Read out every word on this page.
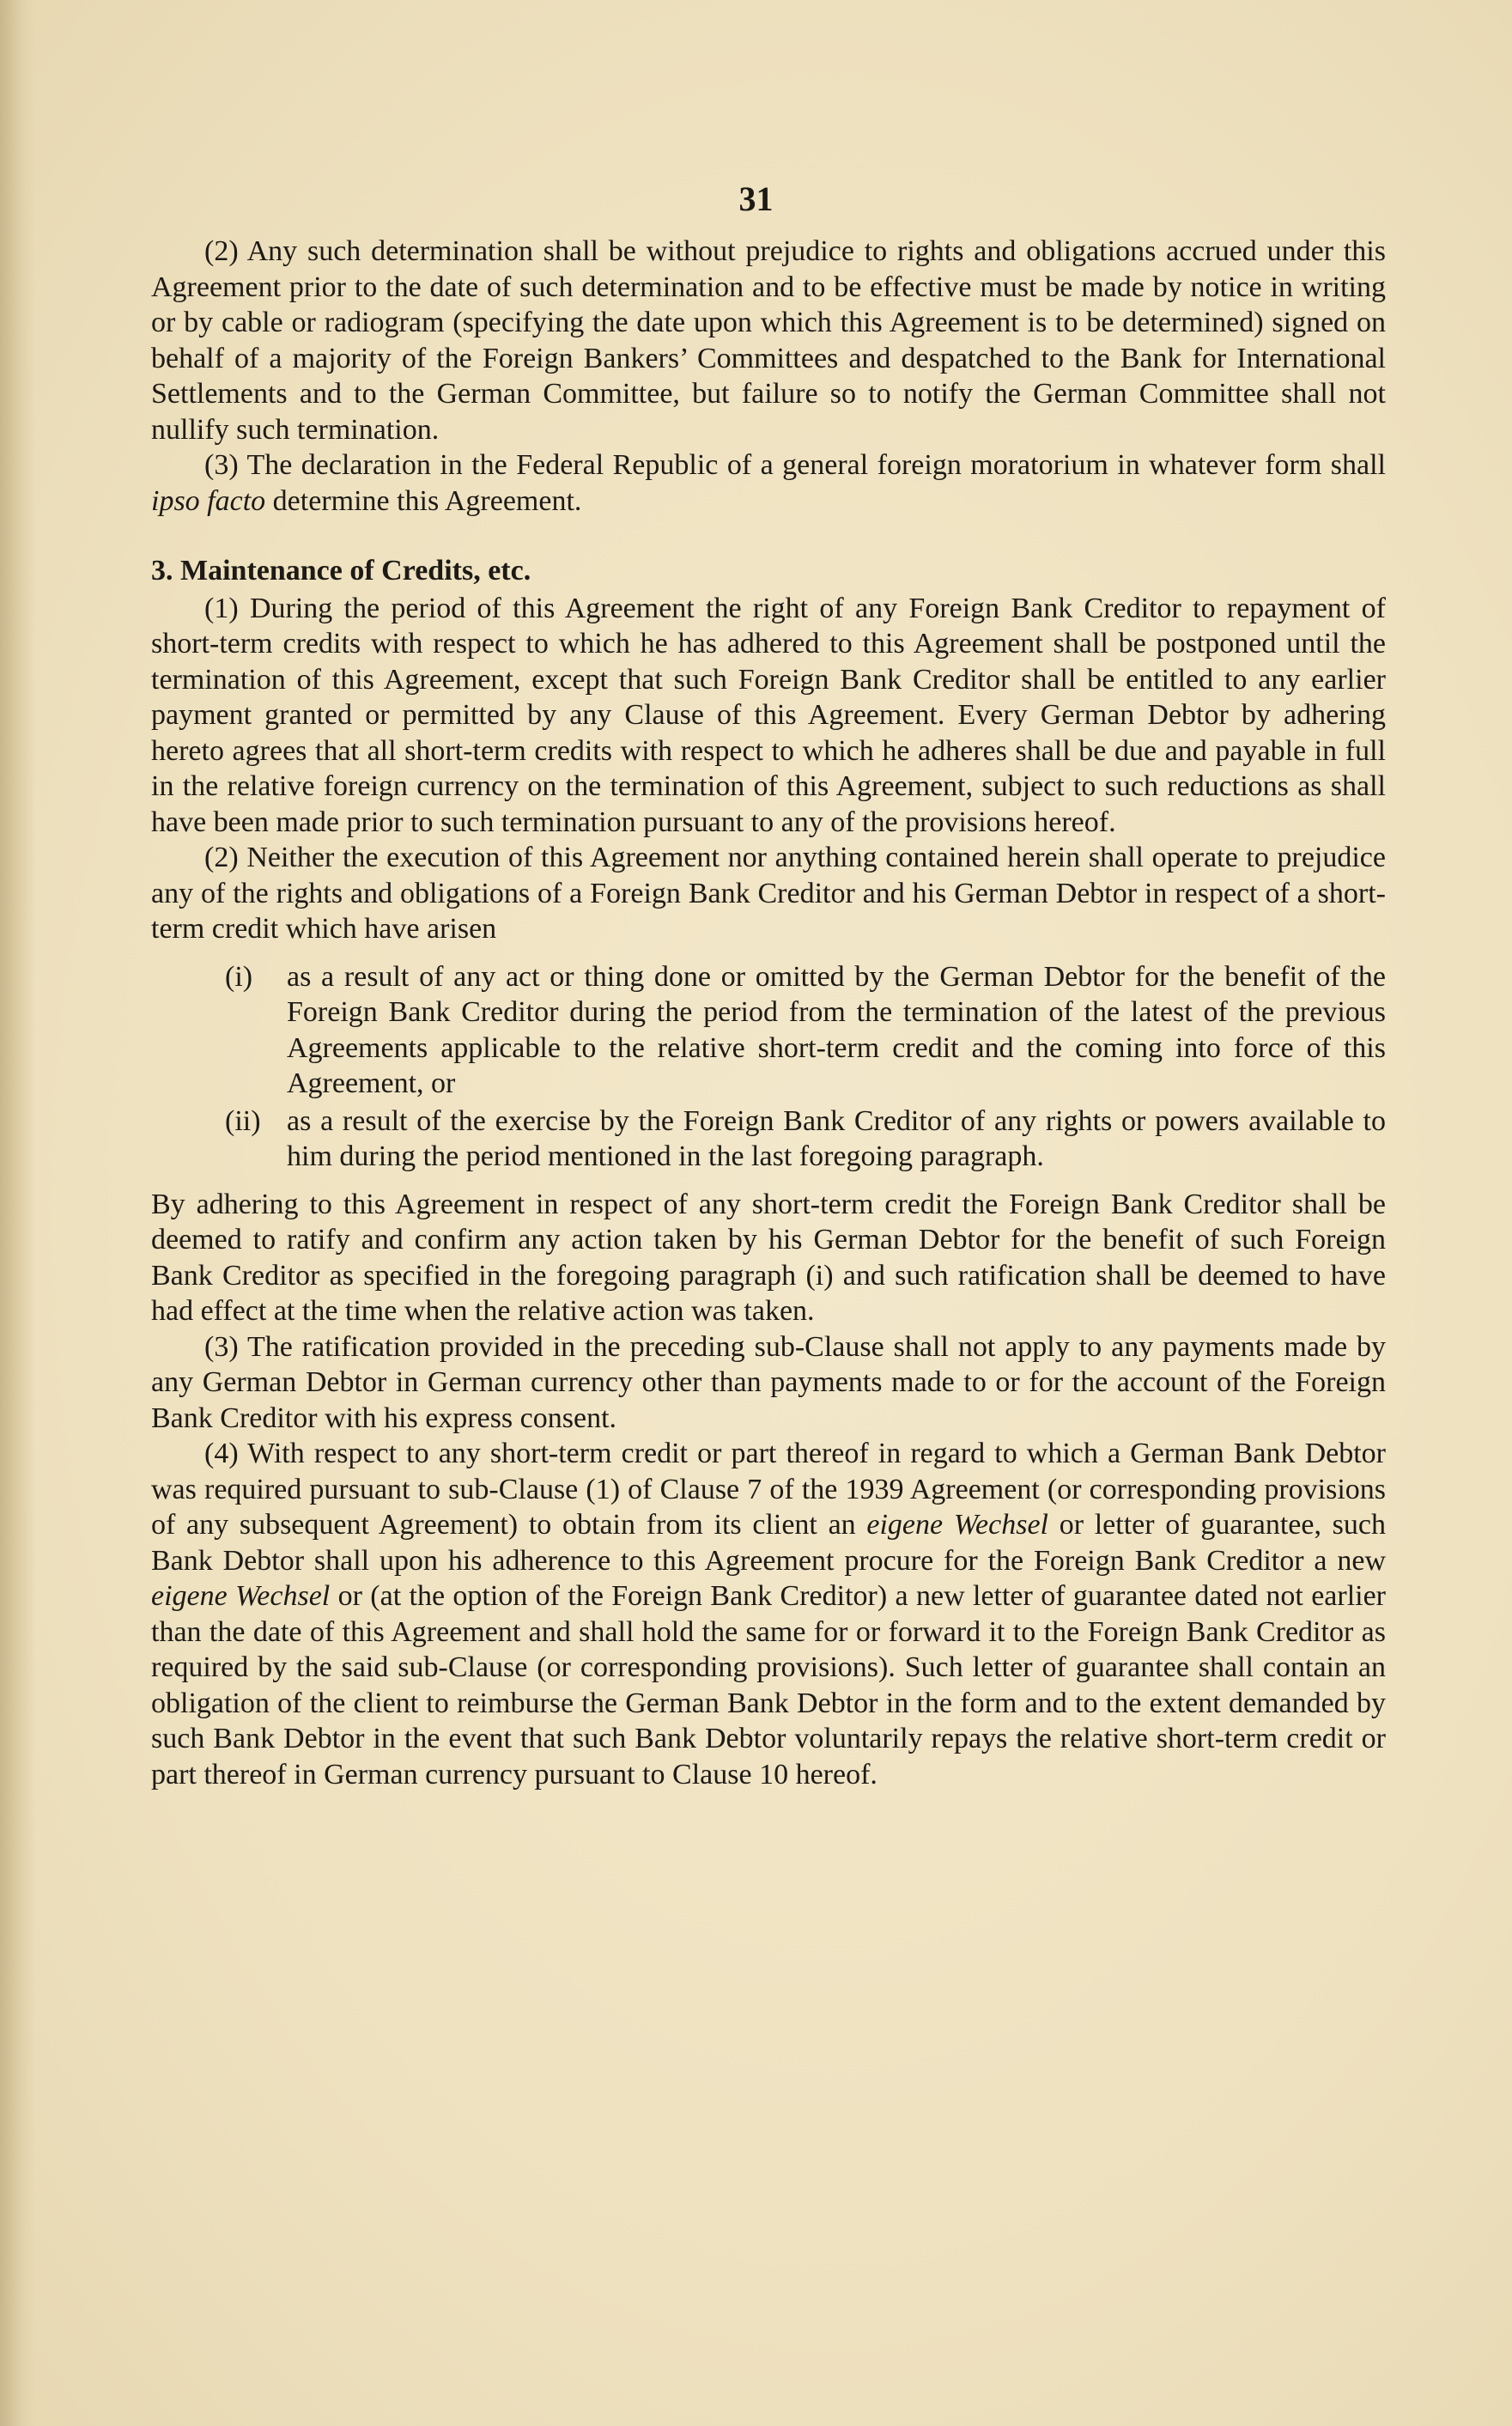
31

(2) Any such determination shall be without prejudice to rights and obligations accrued under this Agreement prior to the date of such determination and to be effective must be made by notice in writing or by cable or radiogram (specifying the date upon which this Agreement is to be determined) signed on behalf of a majority of the Foreign Bankers’ Committees and despatched to the Bank for International Settlements and to the German Committee, but failure so to notify the German Committee shall not nullify such termination.

(3) The declaration in the Federal Republic of a general foreign moratorium in whatever form shall ipso facto determine this Agreement.

3. Maintenance of Credits, etc.

(1) During the period of this Agreement the right of any Foreign Bank Creditor to repayment of short-term credits with respect to which he has adhered to this Agreement shall be postponed until the termination of this Agreement, except that such Foreign Bank Creditor shall be entitled to any earlier payment granted or permitted by any Clause of this Agreement. Every German Debtor by adhering hereto agrees that all short-term credits with respect to which he adheres shall be due and payable in full in the relative foreign currency on the termination of this Agreement, subject to such reductions as shall have been made prior to such termination pursuant to any of the provisions hereof.

(2) Neither the execution of this Agreement nor anything contained herein shall operate to prejudice any of the rights and obligations of a Foreign Bank Creditor and his German Debtor in respect of a short-term credit which have arisen

(i)	as a result of any act or thing done or omitted by the German Debtor for the benefit of the Foreign Bank Creditor during the period from the termination of the latest of the previous Agreements applicable to the relative short-term credit and the coming into force of this Agreement, or
(ii) as a result of the exercise by the Foreign Bank Creditor of any rights or powers available to him during the period mentioned in the last foregoing paragraph.

By adhering to this Agreement in respect of any short-term credit the Foreign Bank Creditor shall be deemed to ratify and confirm any action taken by his German Debtor for the benefit of such Foreign Bank Creditor as specified in the foregoing paragraph (i) and such ratification shall be deemed to have had effect at the time when the relative action was taken.

(3) The ratification provided in the preceding sub-Clause shall not apply to any payments made by any German Debtor in German currency other than payments made to or for the account of the Foreign Bank Creditor with his express consent.

(4) With respect to any short-term credit or part thereof in regard to which a German Bank Debtor was required pursuant to sub-Clause (1) of Clause 7 of the 1939 Agreement (or corresponding provisions of any subsequent Agreement) to obtain from its client an eigene Wechsel or letter of guarantee, such Bank Debtor shall upon his adherence to this Agreement procure for the Foreign Bank Creditor a new eigene Wechsel or (at the option of the Foreign Bank Creditor) a new letter of guarantee dated not earlier than the date of this Agreement and shall hold the same for or forward it to the Foreign Bank Creditor as required by the said sub-Clause (or corresponding provisions). Such letter of guarantee shall contain an obligation of the client to reimburse the German Bank Debtor in the form and to the extent demanded by such Bank Debtor in the event that such Bank Debtor voluntarily repays the relative short-term credit or part thereof in German currency pursuant to Clause 10 hereof.
